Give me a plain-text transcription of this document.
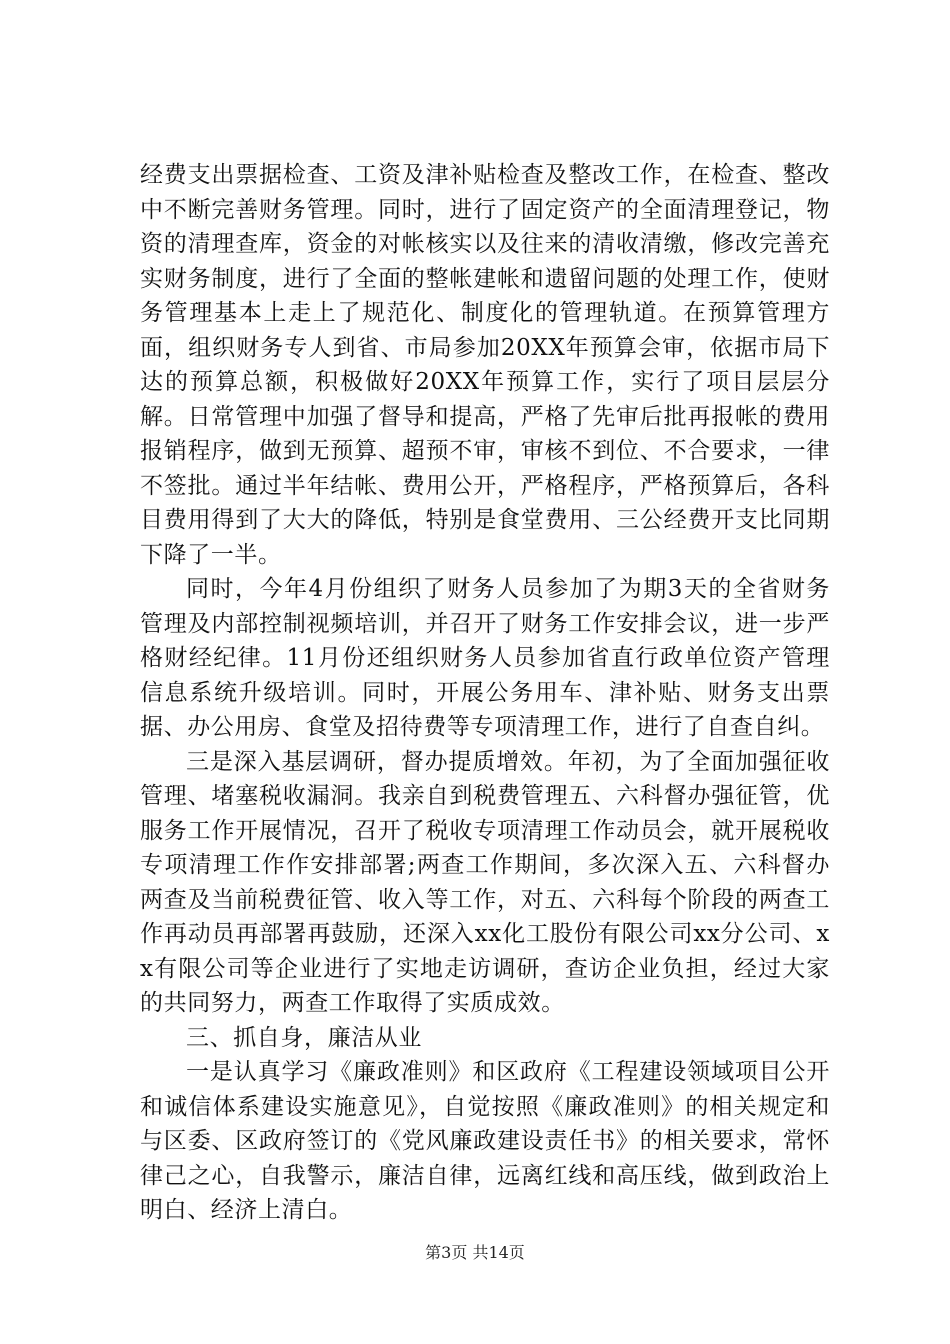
经费支出票据检查、工资及津补贴检查及整改工作，在检查、整改中不断完善财务管理。同时，进行了固定资产的全面清理登记，物资的清理查库，资金的对帐核实以及往来的清收清缴，修改完善充实财务制度，进行了全面的整帐建帐和遗留问题的处理工作，使财务管理基本上走上了规范化、制度化的管理轨道。在预算管理方面，组织财务专人到省、市局参加20XX年预算会审，依据市局下达的预算总额，积极做好20XX年预算工作，实行了项目层层分解。日常管理中加强了督导和提高，严格了先审后批再报帐的费用报销程序，做到无预算、超预不审，审核不到位、不合要求，一律不签批。通过半年结帐、费用公开，严格程序，严格预算后，各科目费用得到了大大的降低，特别是食堂费用、三公经费开支比同期下降了一半。

同时，今年4月份组织了财务人员参加了为期3天的全省财务管理及内部控制视频培训，并召开了财务工作安排会议，进一步严格财经纪律。11月份还组织财务人员参加省直行政单位资产管理信息系统升级培训。同时，开展公务用车、津补贴、财务支出票据、办公用房、食堂及招待费等专项清理工作，进行了自查自纠。

三是深入基层调研，督办提质增效。年初，为了全面加强征收管理、堵塞税收漏洞。我亲自到税费管理五、六科督办强征管，优服务工作开展情况，召开了税收专项清理工作动员会，就开展税收专项清理工作作安排部署;两查工作期间，多次深入五、六科督办两查及当前税费征管、收入等工作，对五、六科每个阶段的两查工作再动员再部署再鼓励，还深入xx化工股份有限公司xx分公司、xx有限公司等企业进行了实地走访调研，查访企业负担，经过大家的共同努力，两查工作取得了实质成效。

三、抓自身，廉洁从业

一是认真学习《廉政准则》和区政府《工程建设领域项目公开和诚信体系建设实施意见》，自觉按照《廉政准则》的相关规定和与区委、区政府签订的《党风廉政建设责任书》的相关要求，常怀律己之心，自我警示，廉洁自律，远离红线和高压线，做到政治上明白、经济上清白。

第3页 共14页
